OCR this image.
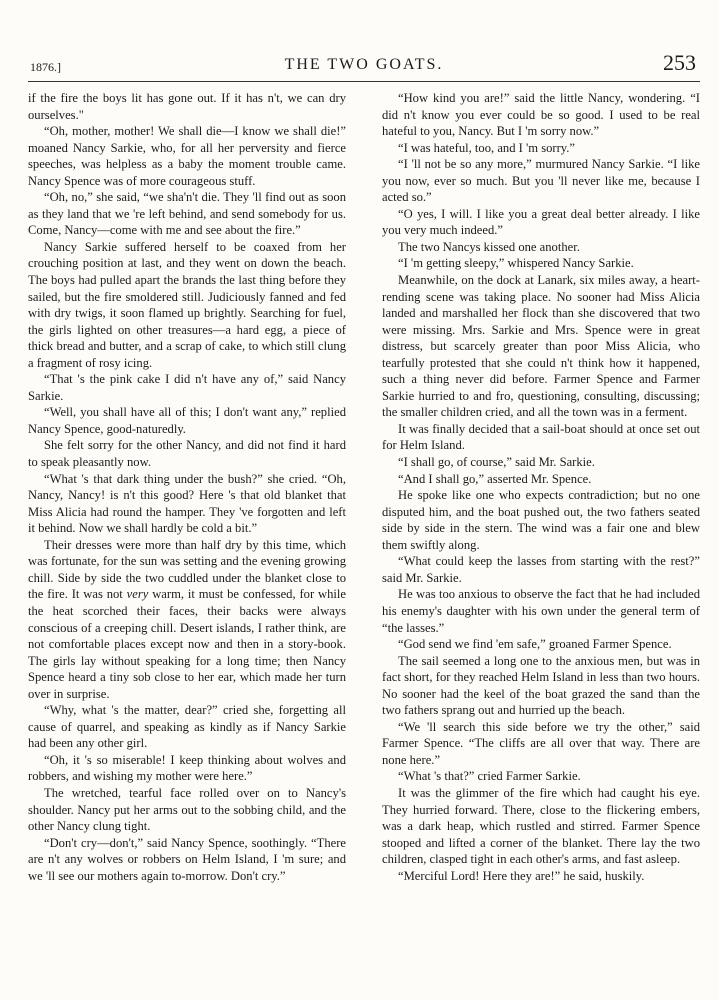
1876.]	THE TWO GOATS.	253

if the fire the boys lit has gone out. If it has n't, we can dry ourselves."

“Oh, mother, mother! We shall die—I know we shall die!” moaned Nancy Sarkie, who, for all her perversity and fierce speeches, was helpless as a baby the moment trouble came. Nancy Spence was of more courageous stuff.

“Oh, no,” she said, “we sha'n't die. They 'll find out as soon as they land that we 're left behind, and send somebody for us. Come, Nancy—come with me and see about the fire.”

Nancy Sarkie suffered herself to be coaxed from her crouching position at last, and they went on down the beach. The boys had pulled apart the brands the last thing before they sailed, but the fire smoldered still. Judiciously fanned and fed with dry twigs, it soon flamed up brightly. Searching for fuel, the girls lighted on other treasures—a hard egg, a piece of thick bread and butter, and a scrap of cake, to which still clung a fragment of rosy icing.

“That 's the pink cake I did n't have any of,” said Nancy Sarkie.

“Well, you shall have all of this; I don't want any,” replied Nancy Spence, good-naturedly.

She felt sorry for the other Nancy, and did not find it hard to speak pleasantly now.

“What 's that dark thing under the bush?” she cried. “Oh, Nancy, Nancy! is n't this good? Here 's that old blanket that Miss Alicia had round the hamper. They 've forgotten and left it behind. Now we shall hardly be cold a bit.”

Their dresses were more than half dry by this time, which was fortunate, for the sun was setting and the evening growing chill. Side by side the two cuddled under the blanket close to the fire. It was not very warm, it must be confessed, for while the heat scorched their faces, their backs were always conscious of a creeping chill. Desert islands, I rather think, are not comfortable places except now and then in a story-book. The girls lay without speaking for a long time; then Nancy Spence heard a tiny sob close to her ear, which made her turn over in surprise.

“Why, what 's the matter, dear?” cried she, forgetting all cause of quarrel, and speaking as kindly as if Nancy Sarkie had been any other girl.

“Oh, it 's so miserable! I keep thinking about wolves and robbers, and wishing my mother were here.”

The wretched, tearful face rolled over on to Nancy's shoulder. Nancy put her arms out to the sobbing child, and the other Nancy clung tight.

“Don't cry—don't,” said Nancy Spence, soothingly. “There are n't any wolves or robbers on Helm Island, I 'm sure; and we 'll see our mothers again to-morrow. Don't cry.”

“How kind you are!” said the little Nancy, wondering. “I did n't know you ever could be so good. I used to be real hateful to you, Nancy. But I 'm sorry now.”

“I was hateful, too, and I 'm sorry.”

“I 'll not be so any more,” murmured Nancy Sarkie. “I like you now, ever so much. But you 'll never like me, because I acted so.”

“O yes, I will. I like you a great deal better already. I like you very much indeed.”

The two Nancys kissed one another.

“I 'm getting sleepy,” whispered Nancy Sarkie.

Meanwhile, on the dock at Lanark, six miles away, a heart-rending scene was taking place. No sooner had Miss Alicia landed and marshalled her flock than she discovered that two were missing. Mrs. Sarkie and Mrs. Spence were in great distress, but scarcely greater than poor Miss Alicia, who tearfully protested that she could n't think how it happened, such a thing never did before. Farmer Spence and Farmer Sarkie hurried to and fro, questioning, consulting, discussing; the smaller children cried, and all the town was in a ferment.

It was finally decided that a sail-boat should at once set out for Helm Island.

“I shall go, of course,” said Mr. Sarkie.

“And I shall go,” asserted Mr. Spence.

He spoke like one who expects contradiction; but no one disputed him, and the boat pushed out, the two fathers seated side by side in the stern. The wind was a fair one and blew them swiftly along.

“What could keep the lasses from starting with the rest?” said Mr. Sarkie.

He was too anxious to observe the fact that he had included his enemy's daughter with his own under the general term of “the lasses.”

“God send we find 'em safe,” groaned Farmer Spence.

The sail seemed a long one to the anxious men, but was in fact short, for they reached Helm Island in less than two hours. No sooner had the keel of the boat grazed the sand than the two fathers sprang out and hurried up the beach.

“We 'll search this side before we try the other,” said Farmer Spence. “The cliffs are all over that way. There are none here.”

“What 's that?” cried Farmer Sarkie.

It was the glimmer of the fire which had caught his eye. They hurried forward. There, close to the flickering embers, was a dark heap, which rustled and stirred. Farmer Spence stooped and lifted a corner of the blanket. There lay the two children, clasped tight in each other's arms, and fast asleep.

“Merciful Lord! Here they are!” he said, huskily.
